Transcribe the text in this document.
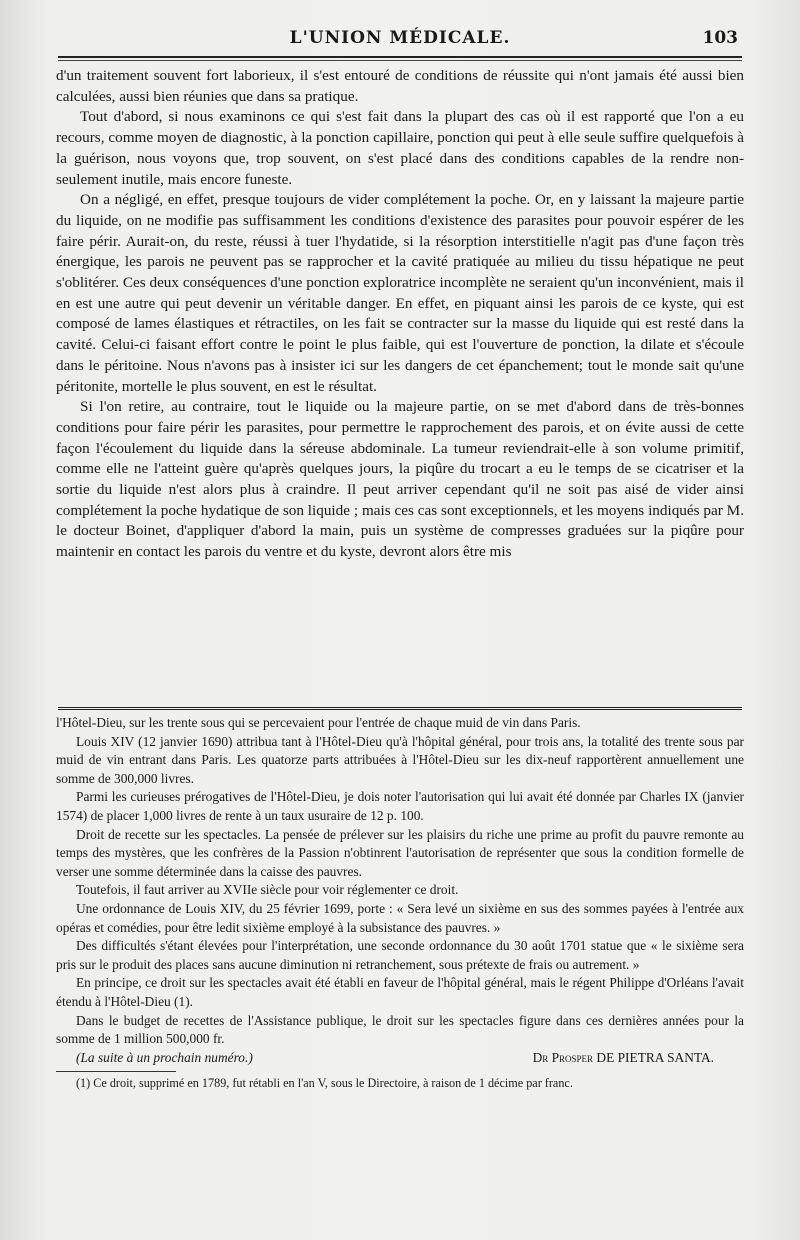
L'UNION MÉDICALE.	103

d'un traitement souvent fort laborieux, il s'est entouré de conditions de réussite qui n'ont jamais été aussi bien calculées, aussi bien réunies que dans sa pratique.

Tout d'abord, si nous examinons ce qui s'est fait dans la plupart des cas où il est rapporté que l'on a eu recours, comme moyen de diagnostic, à la ponction capillaire, ponction qui peut à elle seule suffire quelquefois à la guérison, nous voyons que, trop souvent, on s'est placé dans des conditions capables de la rendre non-seulement inutile, mais encore funeste.

On a négligé, en effet, presque toujours de vider complétement la poche. Or, en y laissant la majeure partie du liquide, on ne modifie pas suffisamment les conditions d'existence des parasites pour pouvoir espérer de les faire périr. Aurait-on, du reste, réussi à tuer l'hydatide, si la résorption interstitielle n'agit pas d'une façon très énergique, les parois ne peuvent pas se rapprocher et la cavité pratiquée au milieu du tissu hépatique ne peut s'oblitérer. Ces deux conséquences d'une ponction exploratrice incomplète ne seraient qu'un inconvénient, mais il en est une autre qui peut devenir un véritable danger. En effet, en piquant ainsi les parois de ce kyste, qui est composé de lames élastiques et rétractiles, on les fait se contracter sur la masse du liquide qui est resté dans la cavité. Celui-ci faisant effort contre le point le plus faible, qui est l'ouverture de ponction, la dilate et s'écoule dans le péritoine. Nous n'avons pas à insister ici sur les dangers de cet épanchement; tout le monde sait qu'une péritonite, mortelle le plus souvent, en est le résultat.

Si l'on retire, au contraire, tout le liquide ou la majeure partie, on se met d'abord dans de très-bonnes conditions pour faire périr les parasites, pour permettre le rapprochement des parois, et on évite aussi de cette façon l'écoulement du liquide dans la séreuse abdominale. La tumeur reviendrait-elle à son volume primitif, comme elle ne l'atteint guère qu'après quelques jours, la piqûre du trocart a eu le temps de se cicatriser et la sortie du liquide n'est alors plus à craindre. Il peut arriver cependant qu'il ne soit pas aisé de vider ainsi complétement la poche hydatique de son liquide ; mais ces cas sont exceptionnels, et les moyens indiqués par M. le docteur Boinet, d'appliquer d'abord la main, puis un système de compresses graduées sur la piqûre pour maintenir en contact les parois du ventre et du kyste, devront alors être mis

l'Hôtel-Dieu, sur les trente sous qui se percevaient pour l'entrée de chaque muid de vin dans Paris.

Louis XIV (12 janvier 1690) attribua tant à l'Hôtel-Dieu qu'à l'hôpital général, pour trois ans, la totalité des trente sous par muid de vin entrant dans Paris. Les quatorze parts attribuées à l'Hôtel-Dieu sur les dix-neuf rapportèrent annuellement une somme de 300,000 livres.

Parmi les curieuses prérogatives de l'Hôtel-Dieu, je dois noter l'autorisation qui lui avait été donnée par Charles IX (janvier 1574) de placer 1,000 livres de rente à un taux usuraire de 12 p. 100.

Droit de recette sur les spectacles. La pensée de prélever sur les plaisirs du riche une prime au profit du pauvre remonte au temps des mystères, que les confrères de la Passion n'obtinrent l'autorisation de représenter que sous la condition formelle de verser une somme déterminée dans la caisse des pauvres.

Toutefois, il faut arriver au XVIIe siècle pour voir réglementer ce droit.

Une ordonnance de Louis XIV, du 25 février 1699, porte : « Sera levé un sixième en sus des sommes payées à l'entrée aux opéras et comédies, pour être ledit sixième employé à la subsistance des pauvres. »

Des difficultés s'étant élevées pour l'interprétation, une seconde ordonnance du 30 août 1701 statue que « le sixième sera pris sur le produit des places sans aucune diminution ni retranchement, sous prétexte de frais ou autrement. »

En principe, ce droit sur les spectacles avait été établi en faveur de l'hôpital général, mais le régent Philippe d'Orléans l'avait étendu à l'Hôtel-Dieu (1).

Dans le budget de recettes de l'Assistance publique, le droit sur les spectacles figure dans ces dernières années pour la somme de 1 million 500,000 fr.

(La suite à un prochain numéro.)	Dr Prosper DE PIETRA SANTA.

(1) Ce droit, supprimé en 1789, fut rétabli en l'an V, sous le Directoire, à raison de 1 décime par franc.
